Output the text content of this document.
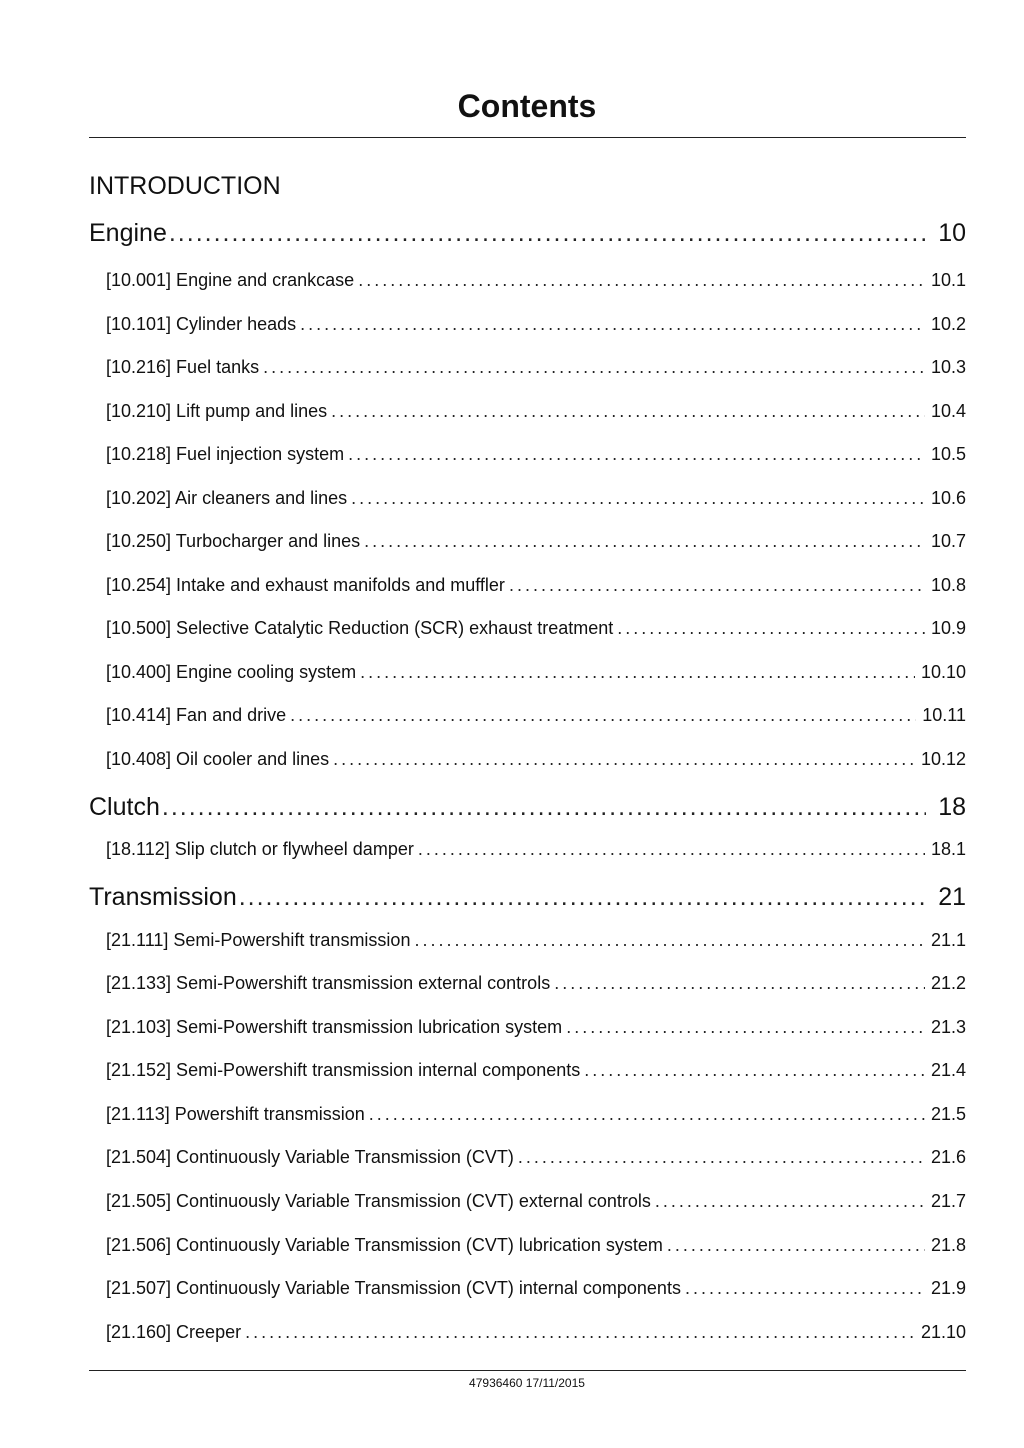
Contents
INTRODUCTION
Engine .....	10
[10.001] Engine and crankcase .....	10.1
[10.101] Cylinder heads .....	10.2
[10.216] Fuel tanks .....	10.3
[10.210] Lift pump and lines .....	10.4
[10.218] Fuel injection system .....	10.5
[10.202] Air cleaners and lines .....	10.6
[10.250] Turbocharger and lines .....	10.7
[10.254] Intake and exhaust manifolds and muffler .....	10.8
[10.500] Selective Catalytic Reduction (SCR) exhaust treatment .....	10.9
[10.400] Engine cooling system .....	10.10
[10.414] Fan and drive .....	10.11
[10.408] Oil cooler and lines .....	10.12
Clutch .....	18
[18.112] Slip clutch or flywheel damper .....	18.1
Transmission .....	21
[21.111] Semi-Powershift transmission .....	21.1
[21.133] Semi-Powershift transmission external controls .....	21.2
[21.103] Semi-Powershift transmission lubrication system .....	21.3
[21.152] Semi-Powershift transmission internal components .....	21.4
[21.113] Powershift transmission .....	21.5
[21.504] Continuously Variable Transmission (CVT) .....	21.6
[21.505] Continuously Variable Transmission (CVT) external controls .....	21.7
[21.506] Continuously Variable Transmission (CVT) lubrication system .....	21.8
[21.507] Continuously Variable Transmission (CVT) internal components .....	21.9
[21.160] Creeper .....	21.10
47936460 17/11/2015
